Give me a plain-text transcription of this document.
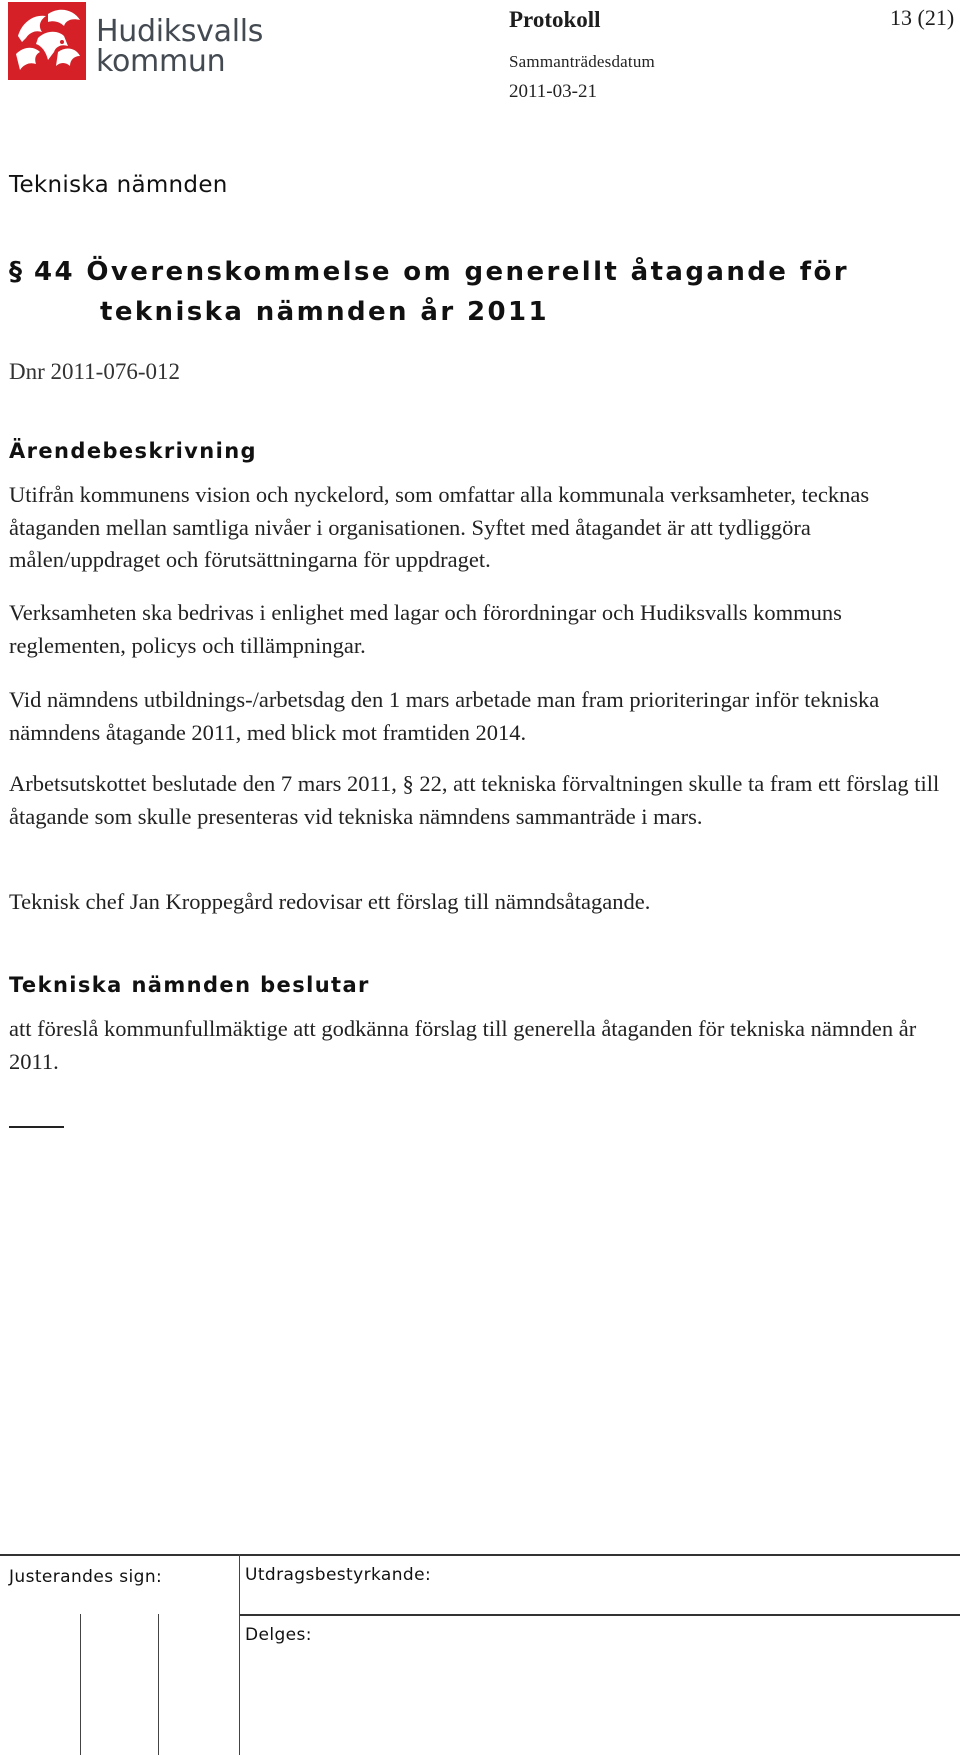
Hudiksvalls
kommun
Protokoll	13 (21)
Sammanträdesdatum
2011-03-21
Tekniska nämnden
§ 44 Överenskommelse om generellt åtagande för
tekniska nämnden år 2011
Dnr 2011-076-012
Ärendebeskrivning
Utifrån kommunens vision och nyckelord, som omfattar alla kommunala verksamheter, tecknas åtaganden mellan samtliga nivåer i organisationen. Syftet med åtagandet är att tydliggöra målen/uppdraget och förutsättningarna för uppdraget.
Verksamheten ska bedrivas i enlighet med lagar och förordningar och Hudiksvalls kommuns reglementen, policys och tillämpningar.
Vid nämndens utbildnings-/arbetsdag den 1 mars arbetade man fram prioriteringar inför tekniska nämndens åtagande 2011, med blick mot framtiden 2014.
Arbetsutskottet beslutade den 7 mars 2011, § 22, att tekniska förvaltningen skulle ta fram ett förslag till åtagande som skulle presenteras vid tekniska nämndens sammanträde i mars.
Teknisk chef Jan Kroppegård redovisar ett förslag till nämndsåtagande.
Tekniska nämnden beslutar
att föreslå kommunfullmäktige att godkänna förslag till generella åtaganden för tekniska nämnden år 2011.
Justerandes sign:	Utdragsbestyrkande:
Delges:
